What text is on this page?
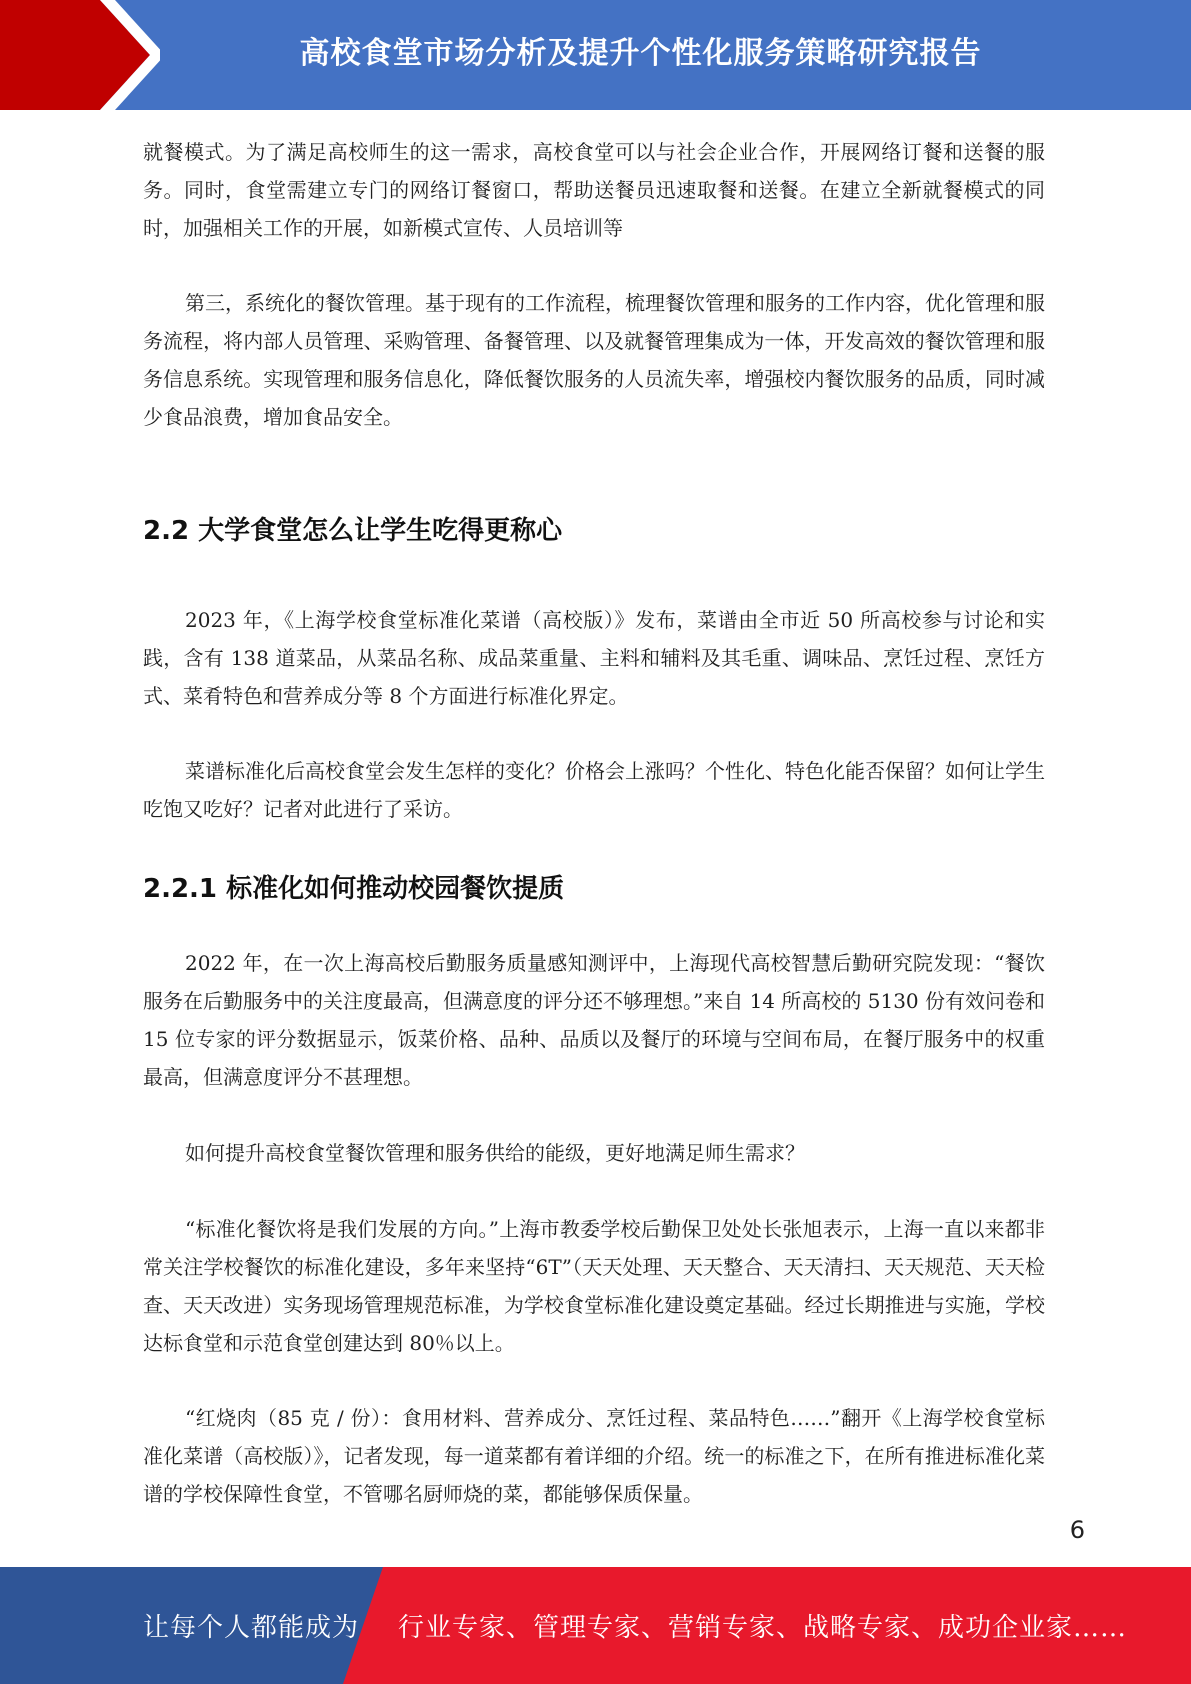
高校食堂市场分析及提升个性化服务策略研究报告

就餐模式。为了满足高校师生的这一需求，高校食堂可以与社会企业合作，开展网络订餐和送餐的服务。同时，食堂需建立专门的网络订餐窗口，帮助送餐员迅速取餐和送餐。在建立全新就餐模式的同时，加强相关工作的开展，如新模式宣传、人员培训等

第三，系统化的餐饮管理。基于现有的工作流程，梳理餐饮管理和服务的工作内容，优化管理和服务流程，将内部人员管理、采购管理、备餐管理、以及就餐管理集成为一体，开发高效的餐饮管理和服务信息系统。实现管理和服务信息化，降低餐饮服务的人员流失率，增强校内餐饮服务的品质，同时减少食品浪费，增加食品安全。

2.2 大学食堂怎么让学生吃得更称心

2023 年，《上海学校食堂标准化菜谱（高校版）》发布，菜谱由全市近 50 所高校参与讨论和实践，含有 138 道菜品，从菜品名称、成品菜重量、主料和辅料及其毛重、调味品、烹饪过程、烹饪方式、菜肴特色和营养成分等 8 个方面进行标准化界定。

菜谱标准化后高校食堂会发生怎样的变化？价格会上涨吗？个性化、特色化能否保留？如何让学生吃饱又吃好？记者对此进行了采访。

2.2.1 标准化如何推动校园餐饮提质

2022 年，在一次上海高校后勤服务质量感知测评中，上海现代高校智慧后勤研究院发现：“餐饮服务在后勤服务中的关注度最高，但满意度的评分还不够理想。”来自 14 所高校的 5130 份有效问卷和 15 位专家的评分数据显示，饭菜价格、品种、品质以及餐厅的环境与空间布局，在餐厅服务中的权重最高，但满意度评分不甚理想。

如何提升高校食堂餐饮管理和服务供给的能级，更好地满足师生需求？

“标准化餐饮将是我们发展的方向。”上海市教委学校后勤保卫处处长张旭表示，上海一直以来都非常关注学校餐饮的标准化建设，多年来坚持“6T”（天天处理、天天整合、天天清扫、天天规范、天天检查、天天改进）实务现场管理规范标准，为学校食堂标准化建设奠定基础。经过长期推进与实施，学校达标食堂和示范食堂创建达到 80％以上。

“红烧肉（85 克 / 份）：食用材料、营养成分、烹饪过程、菜品特色……”翻开《上海学校食堂标准化菜谱（高校版）》，记者发现，每一道菜都有着详细的介绍。统一的标准之下，在所有推进标准化菜谱的学校保障性食堂，不管哪名厨师烧的菜，都能够保质保量。

6
让每个人都能成为 行业专家、管理专家、营销专家、战略专家、成功企业家……
